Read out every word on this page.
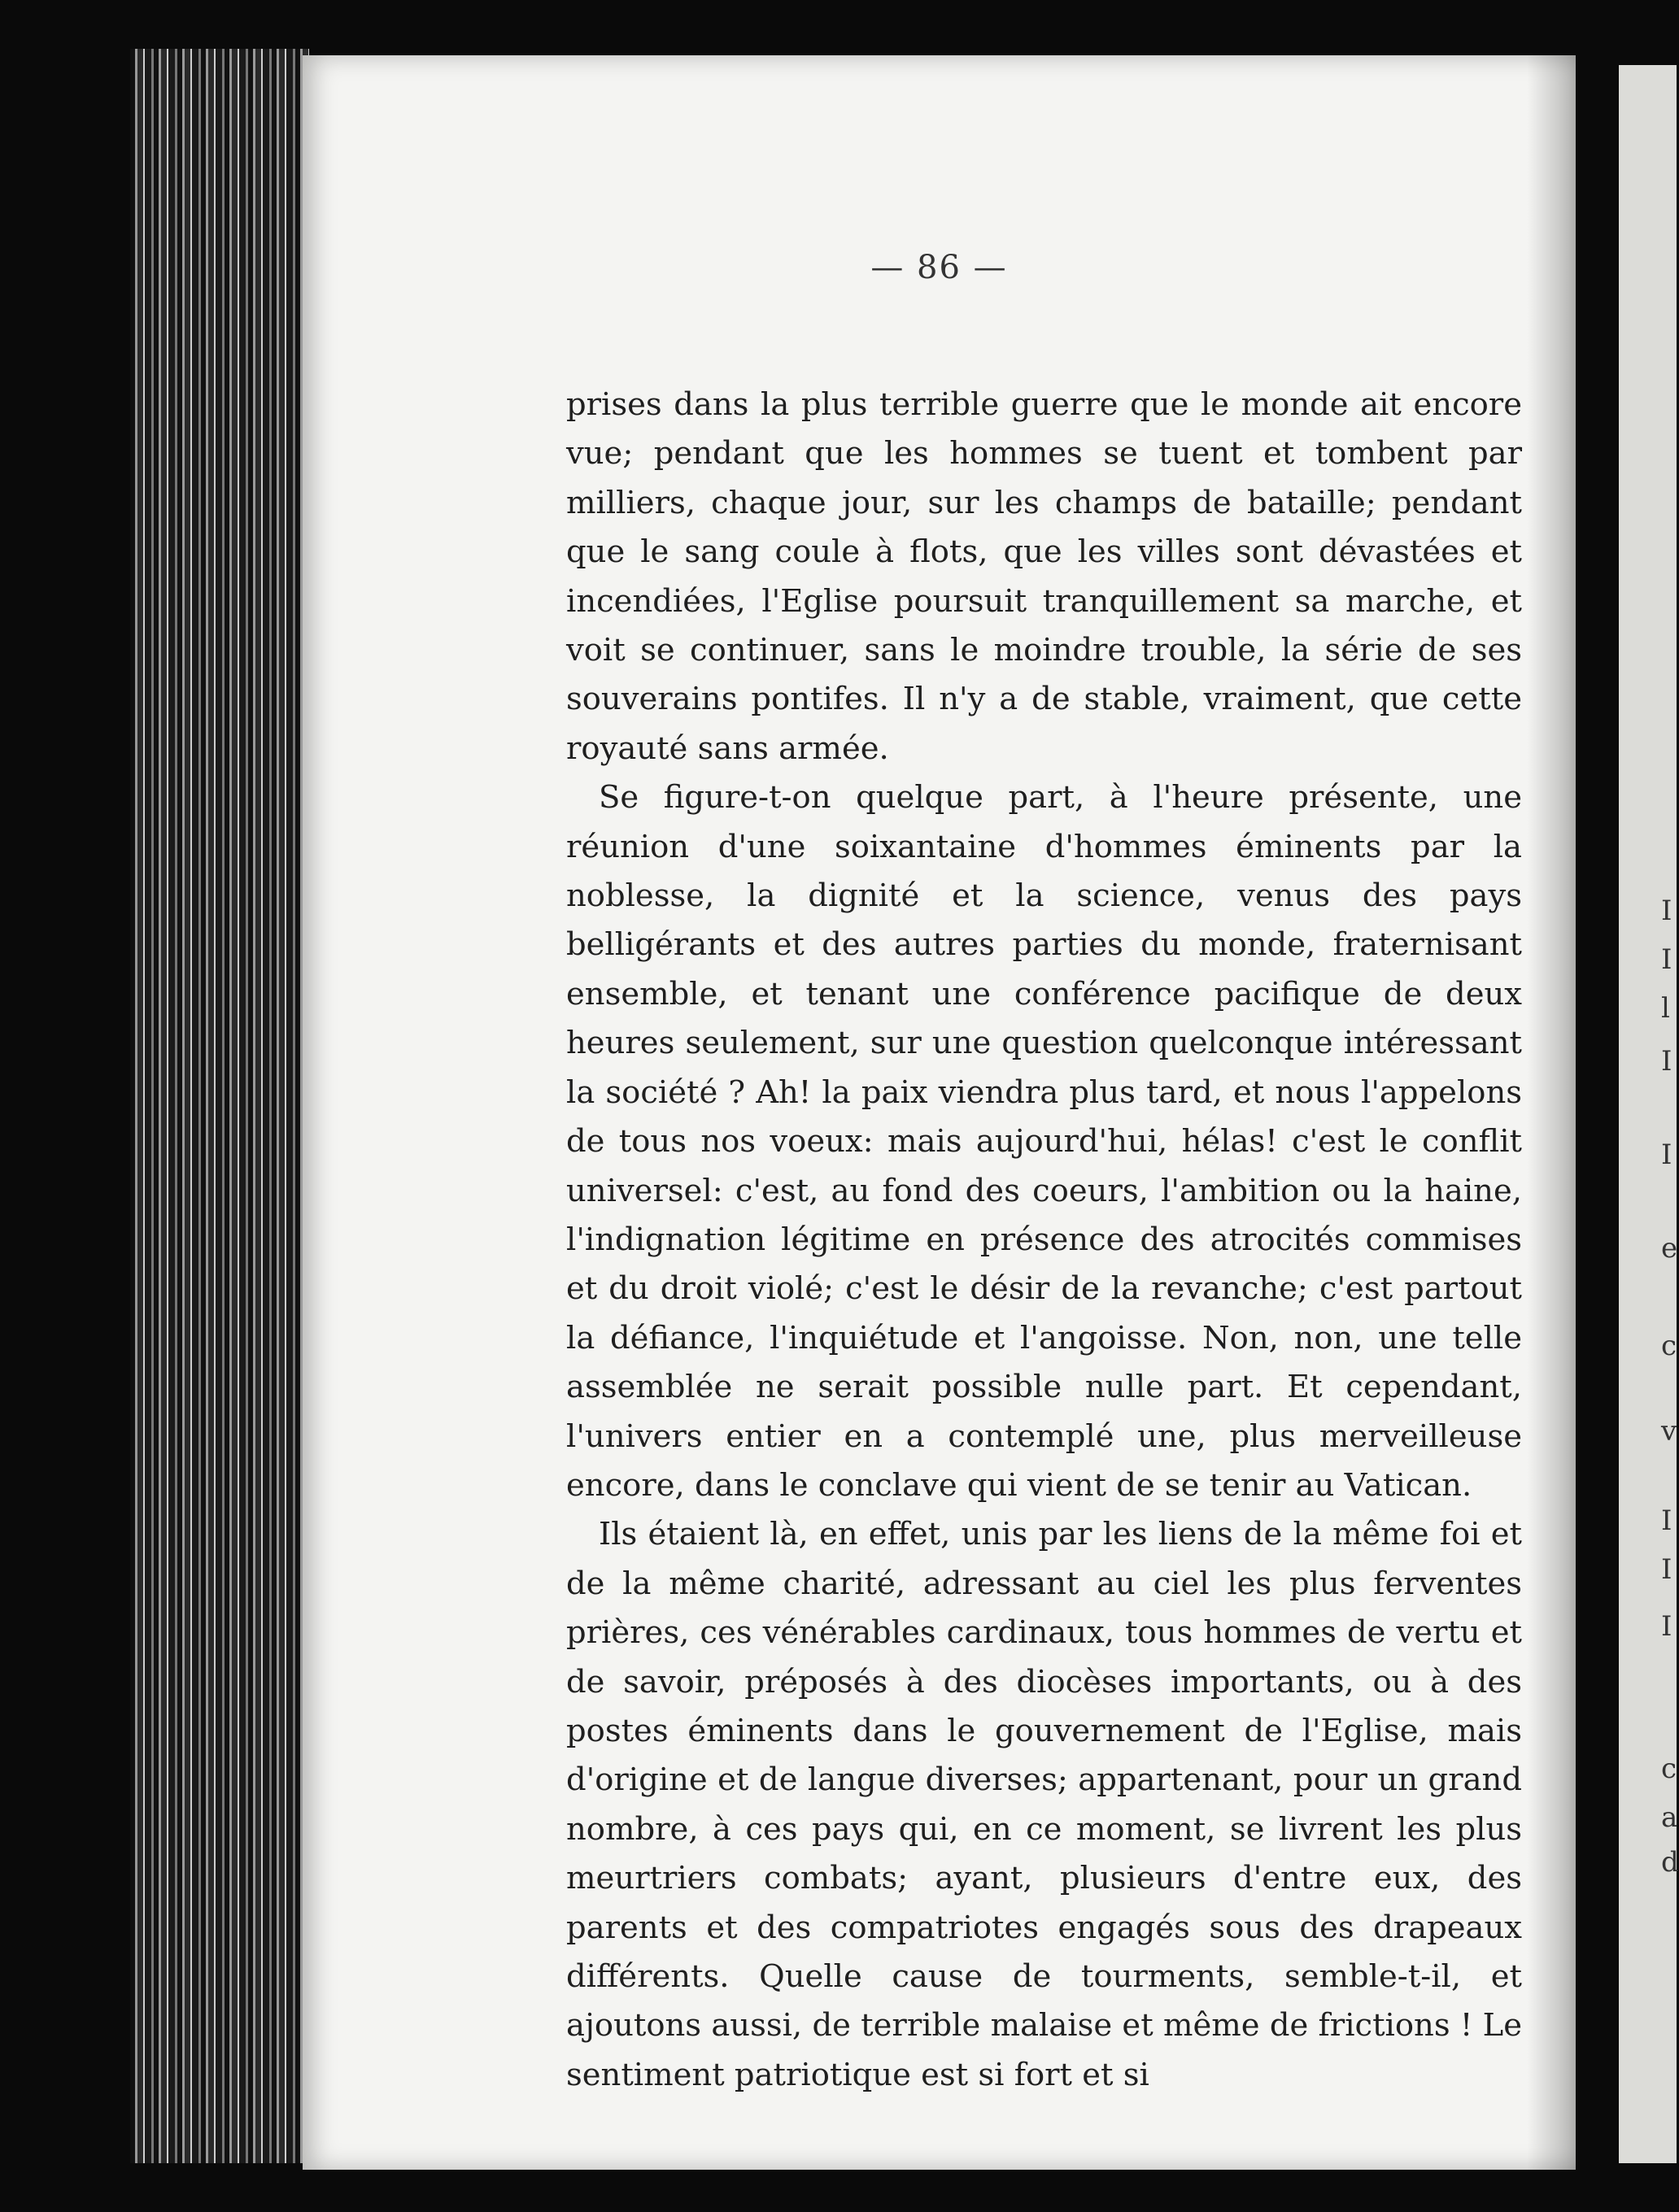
— 86 —

prises dans la plus terrible guerre que le monde ait encore vue; pendant que les hommes se tuent et tombent par milliers, chaque jour, sur les champs de bataille; pendant que le sang coule à flots, que les villes sont dévastées et incendiées, l'Eglise poursuit tranquillement sa marche, et voit se continuer, sans le moindre trouble, la série de ses souverains pontifes. Il n'y a de stable, vraiment, que cette royauté sans armée.

Se figure-t-on quelque part, à l'heure présente, une réunion d'une soixantaine d'hommes éminents par la noblesse, la dignité et la science, venus des pays belligérants et des autres parties du monde, fraternisant ensemble, et tenant une conférence pacifique de deux heures seulement, sur une question quelconque intéressant la société ? Ah! la paix viendra plus tard, et nous l'appelons de tous nos voeux: mais aujourd'hui, hélas! c'est le conflit universel: c'est, au fond des coeurs, l'ambition ou la haine, l'indignation légitime en présence des atrocités commises et du droit violé; c'est le désir de la revanche; c'est partout la défiance, l'inquiétude et l'angoisse. Non, non, une telle assemblée ne serait possible nulle part. Et cependant, l'univers entier en a contemplé une, plus merveilleuse encore, dans le conclave qui vient de se tenir au Vatican.

Ils étaient là, en effet, unis par les liens de la même foi et de la même charité, adressant au ciel les plus ferventes prières, ces vénérables cardinaux, tous hommes de vertu et de savoir, préposés à des diocèses importants, ou à des postes éminents dans le gouvernement de l'Eglise, mais d'origine et de langue diverses; appartenant, pour un grand nombre, à ces pays qui, en ce moment, se livrent les plus meurtriers combats; ayant, plusieurs d'entre eux, des parents et des compatriotes engagés sous des drapeaux différents. Quelle cause de tourments, semble-t-il, et ajoutons aussi, de terrible malaise et même de frictions ! Le sentiment patriotique est si fort et si

I
I
l
I
I
e
c
v
I
I
I
c
a
d
